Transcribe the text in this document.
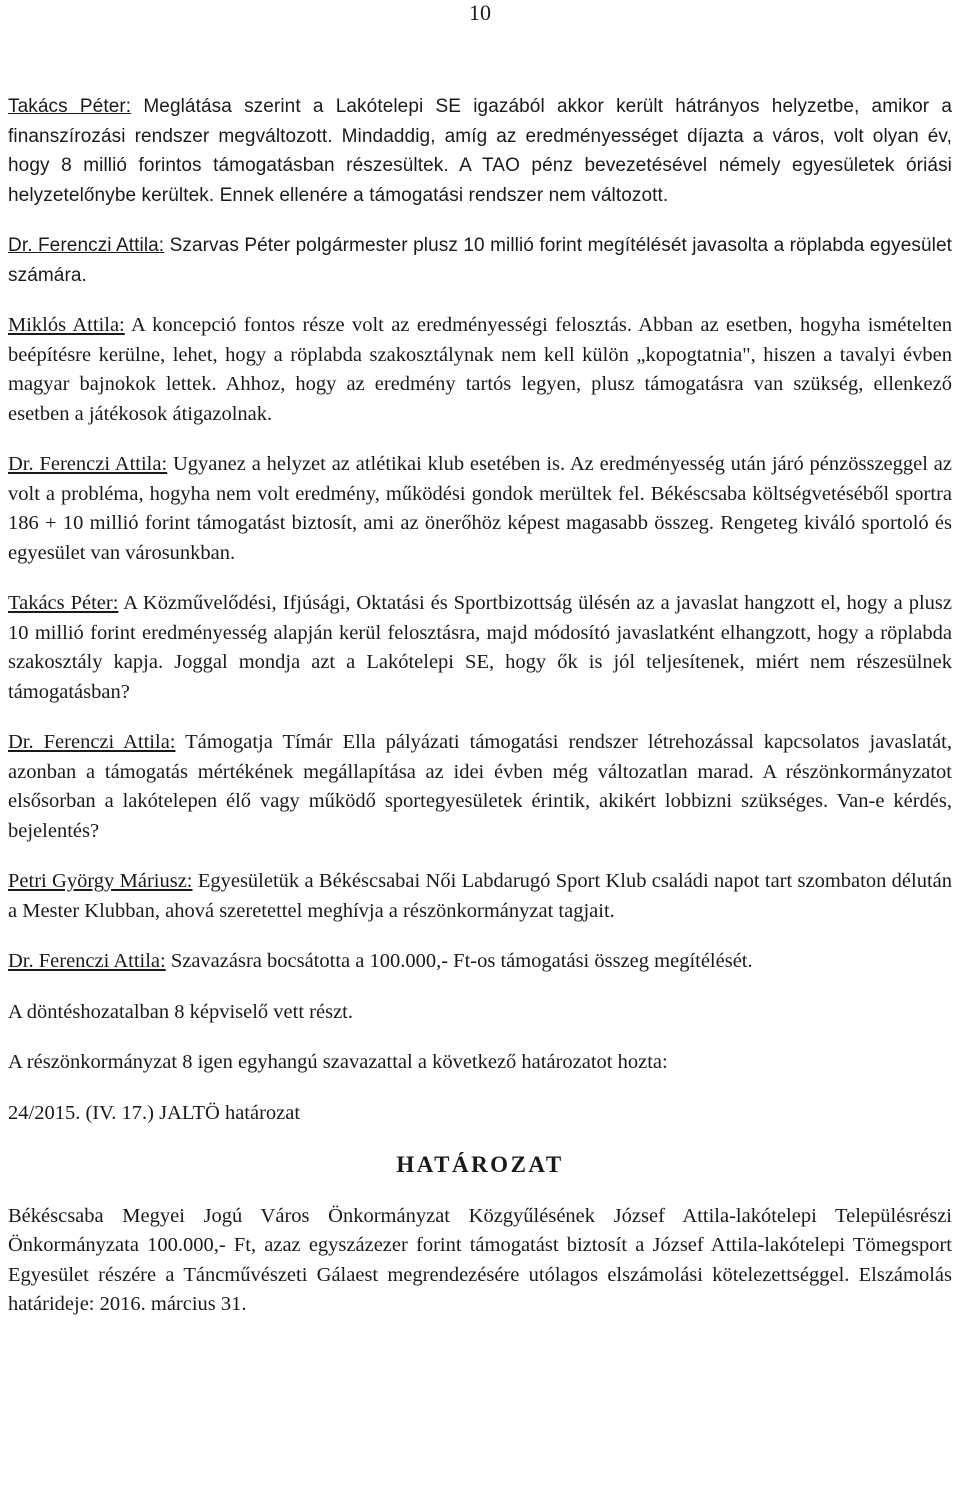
10

Takács Péter: Meglátása szerint a Lakótelepi SE igazából akkor került hátrányos helyzetbe, amikor a finanszírozási rendszer megváltozott. Mindaddig, amíg az eredményességet díjazta a város, volt olyan év, hogy 8 millió forintos támogatásban részesültek. A TAO pénz bevezetésével némely egyesületek óriási helyzetelőnybe kerültek. Ennek ellenére a támogatási rendszer nem változott.

Dr. Ferenczi Attila: Szarvas Péter polgármester plusz 10 millió forint megítélését javasolta a röplabda egyesület számára.

Miklós Attila: A koncepció fontos része volt az eredményességi felosztás. Abban az esetben, hogyha ismételten beépítésre kerülne, lehet, hogy a röplabda szakosztálynak nem kell külön „kopogtatnia", hiszen a tavalyi évben magyar bajnokok lettek. Ahhoz, hogy az eredmény tartós legyen, plusz támogatásra van szükség, ellenkező esetben a játékosok átigazolnak.

Dr. Ferenczi Attila: Ugyanez a helyzet az atlétikai klub esetében is. Az eredményesség után járó pénzösszeggel az volt a probléma, hogyha nem volt eredmény, működési gondok merültek fel. Békéscsaba költségvetéséből sportra 186 + 10 millió forint támogatást biztosít, ami az önerőhöz képest magasabb összeg. Rengeteg kiváló sportoló és egyesület van városunkban.

Takács Péter: A Közművelődési, Ifjúsági, Oktatási és Sportbizottság ülésén az a javaslat hangzott el, hogy a plusz 10 millió forint eredményesség alapján kerül felosztásra, majd módosító javaslatként elhangzott, hogy a röplabda szakosztály kapja. Joggal mondja azt a Lakótelepi SE, hogy ők is jól teljesítenek, miért nem részesülnek támogatásban?

Dr. Ferenczi Attila: Támogatja Tímár Ella pályázati támogatási rendszer létrehozással kapcsolatos javaslatát, azonban a támogatás mértékének megállapítása az idei évben még változatlan marad. A részönkormányzatot elsősorban a lakótelepen élő vagy működő sportegyesületek érintik, akikért lobbizni szükséges. Van-e kérdés, bejelentés?

Petri György Máriusz: Egyesületük a Békéscsabai Női Labdarugó Sport Klub családi napot tart szombaton délután a Mester Klubban, ahová szeretettel meghívja a részönkormányzat tagjait.

Dr. Ferenczi Attila: Szavazásra bocsátotta a 100.000,- Ft-os támogatási összeg megítélését.

A döntéshozatalban 8 képviselő vett részt.

A részönkormányzat 8 igen egyhangú szavazattal a következő határozatot hozta:

24/2015. (IV. 17.) JALTÖ határozat

HATÁROZAT

Békéscsaba Megyei Jogú Város Önkormányzat Közgyűlésének József Attila-lakótelepi Településrészi Önkormányzata 100.000,- Ft, azaz egyszázezer forint támogatást biztosít a József Attila-lakótelepi Tömegsport Egyesület részére a Táncművészeti Gálaest megrendezésére utólagos elszámolási kötelezettséggel. Elszámolás határideje: 2016. március 31.
